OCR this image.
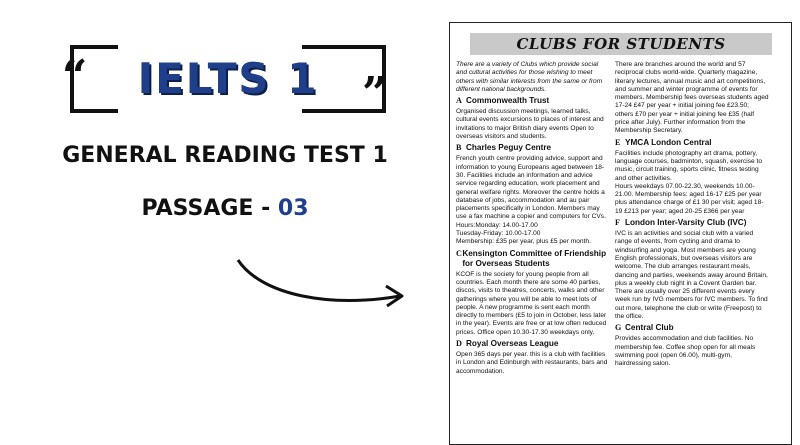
“	IELTS 1 ”
GENERAL READING TEST 1
PASSAGE - 03
CLUBS FOR STUDENTS

There are a variety of Clubs which provide social and cultural activities for those wishing to meet others with similar interests from the same or from different national backgrounds.

A Commonwealth Trust

Organised discussion meetings, learned talks, cultural events excursions to places of interest and invitations to major British diary events Open to overseas visitors and students.

B Charles Peguy Centre

French youth centre providing advice, support and information to young Europeans aged between 18-30. Facilities include an information and advice service regarding education, work placement and general welfare rights. Moreover the centre holds a database of jobs, accommodation and au pair placements specifically in London. Members may use a fax machine a copier and computers for CVs.

Hours:Monday: 14.00-17.00
Tuesday-Friday: 10.00-17.00
Membership: £35 per year, plus £5 per month.
C Kensington Committee of Friendship for Overseas Students

KCOF is the society for young people from all countries. Each month there are some 40 parties, discos, visits to theatres, concerts, walks and other gatherings where you will be able to meet lots of people. A new programme is sent each month directly to members (£5 to join in October, less later in the year). Events are free or at low often reduced prices. Office open 10.30-17.30 weekdays only.

D Royal Overseas League

Open 365 days per year. this is a club with facilities in London and Edinburgh with restaurants, bars and accommodation.

There are branches around the world and 57 reciprocal clubs world-wide. Quarterly magazine, literary lectures, annual music and art competitions, and summer and winter programme of events for members. Membership fees overseas students aged 17-24 £47 per year + initial joining fee £23.50; others £70 per year + initial joining fee £35 (half price after July). Further information from the Membership Secretary.

E YMCA London Central

Facilities include photography art drama, pottery, language courses, badminton, squash, exercise to music, circuit training, sports clinic, fitness testing and other activities.

Hours weekdays 07.00-22.30, weekends 10.00-21.00. Membership fees: aged 16-17 £25 per year plus attendance charge of £1 30 per visit; aged 18-19 £213 per year; aged 20-25 £366 per year

F London Inter-Varsity Club (IVC)

IVC is an activities and social club with a varied range of events, from cycling and drama to windsurfing and yoga. Most members are young English professionals, but overseas visitors are welcome. The club arranges restaurant meals, dancing and parties, weekends away around Britain, plus a weekly club night in a Covent Garden bar. There are usually over 25 different events every week run by IVG members for IVC members. To find out more, telephone the club or write (Freepost) to the office.

G Central Club

Provides accommodation and club facilities. No membership fee. Coffee shop open for all meals swimming pool (open 06.00), multi-gym, hairdressing salon.
